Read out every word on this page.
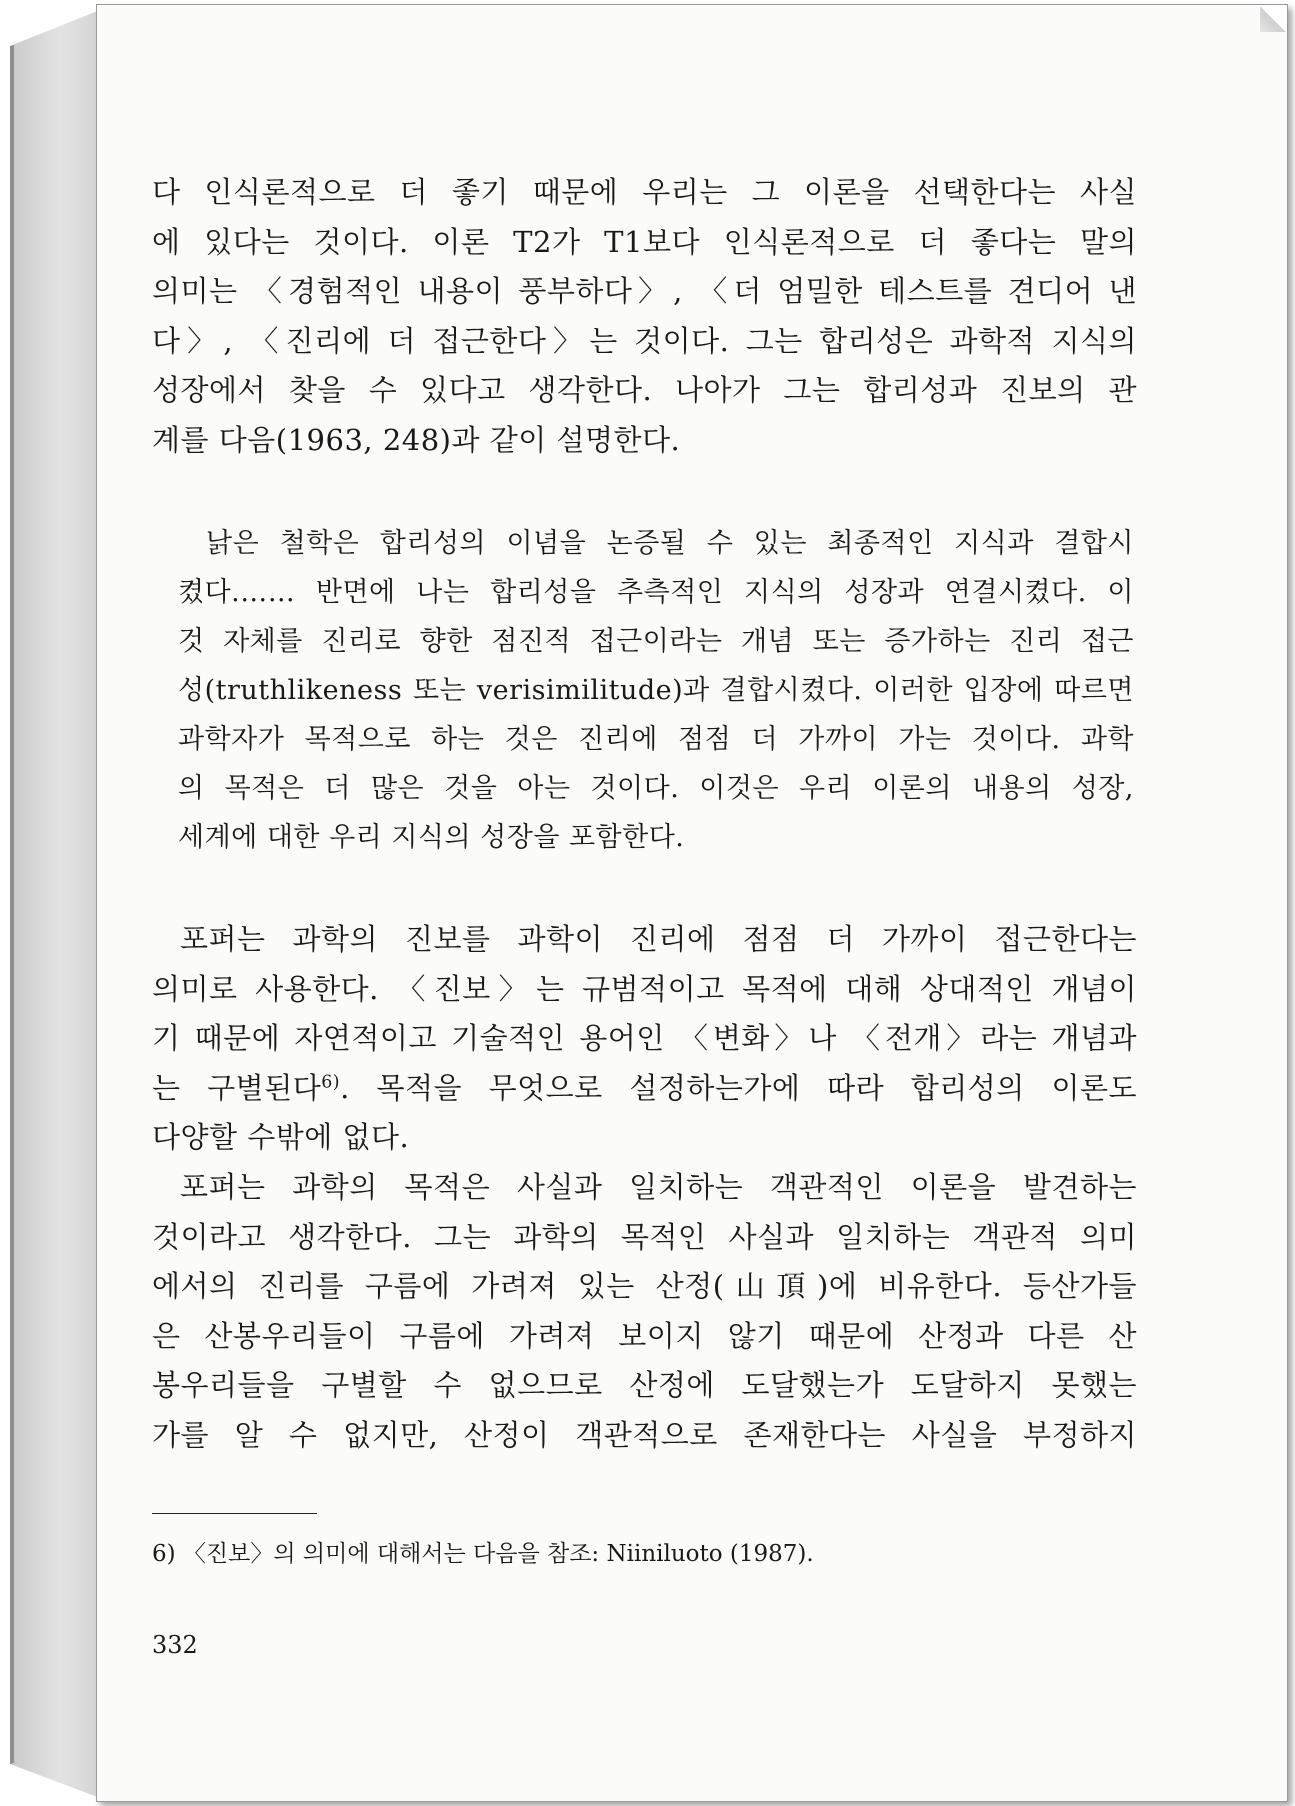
다 인식론적으로 더 좋기 때문에 우리는 그 이론을 선택한다는 사실
에 있다는 것이다. 이론 T2가 T1보다 인식론적으로 더 좋다는 말의
의미는 〈경험적인 내용이 풍부하다〉, 〈더 엄밀한 테스트를 견디어 낸
다〉, 〈진리에 더 접근한다〉는 것이다. 그는 합리성은 과학적 지식의
성장에서 찾을 수 있다고 생각한다. 나아가 그는 합리성과 진보의 관
계를 다음(1963, 248)과 같이 설명한다.
낡은 철학은 합리성의 이념을 논증될 수 있는 최종적인 지식과 결합시
켰다.…… 반면에 나는 합리성을 추측적인 지식의 성장과 연결시켰다. 이
것 자체를 진리로 향한 점진적 접근이라는 개념 또는 증가하는 진리 접근
성(truthlikeness 또는 verisimilitude)과 결합시켰다. 이러한 입장에 따르면
과학자가 목적으로 하는 것은 진리에 점점 더 가까이 가는 것이다. 과학
의 목적은 더 많은 것을 아는 것이다. 이것은 우리 이론의 내용의 성장,
세계에 대한 우리 지식의 성장을 포함한다.
포퍼는 과학의 진보를 과학이 진리에 점점 더 가까이 접근한다는
의미로 사용한다. 〈진보〉는 규범적이고 목적에 대해 상대적인 개념이
기 때문에 자연적이고 기술적인 용어인 〈변화〉나 〈전개〉라는 개념과
는 구별된다$^{6)}$. 목적을 무엇으로 설정하는가에 따라 합리성의 이론도
다양할 수밖에 없다.
포퍼는 과학의 목적은 사실과 일치하는 객관적인 이론을 발견하는
것이라고 생각한다. 그는 과학의 목적인 사실과 일치하는 객관적 의미
에서의 진리를 구름에 가려져 있는 산정(山頂)에 비유한다. 등산가들
은 산봉우리들이 구름에 가려져 보이지 않기 때문에 산정과 다른 산
봉우리들을 구별할 수 없으므로 산정에 도달했는가 도달하지 못했는
가를 알 수 없지만, 산정이 객관적으로 존재한다는 사실을 부정하지
6) 〈진보〉의 의미에 대해서는 다음을 참조: Niiniluoto (1987).
332
